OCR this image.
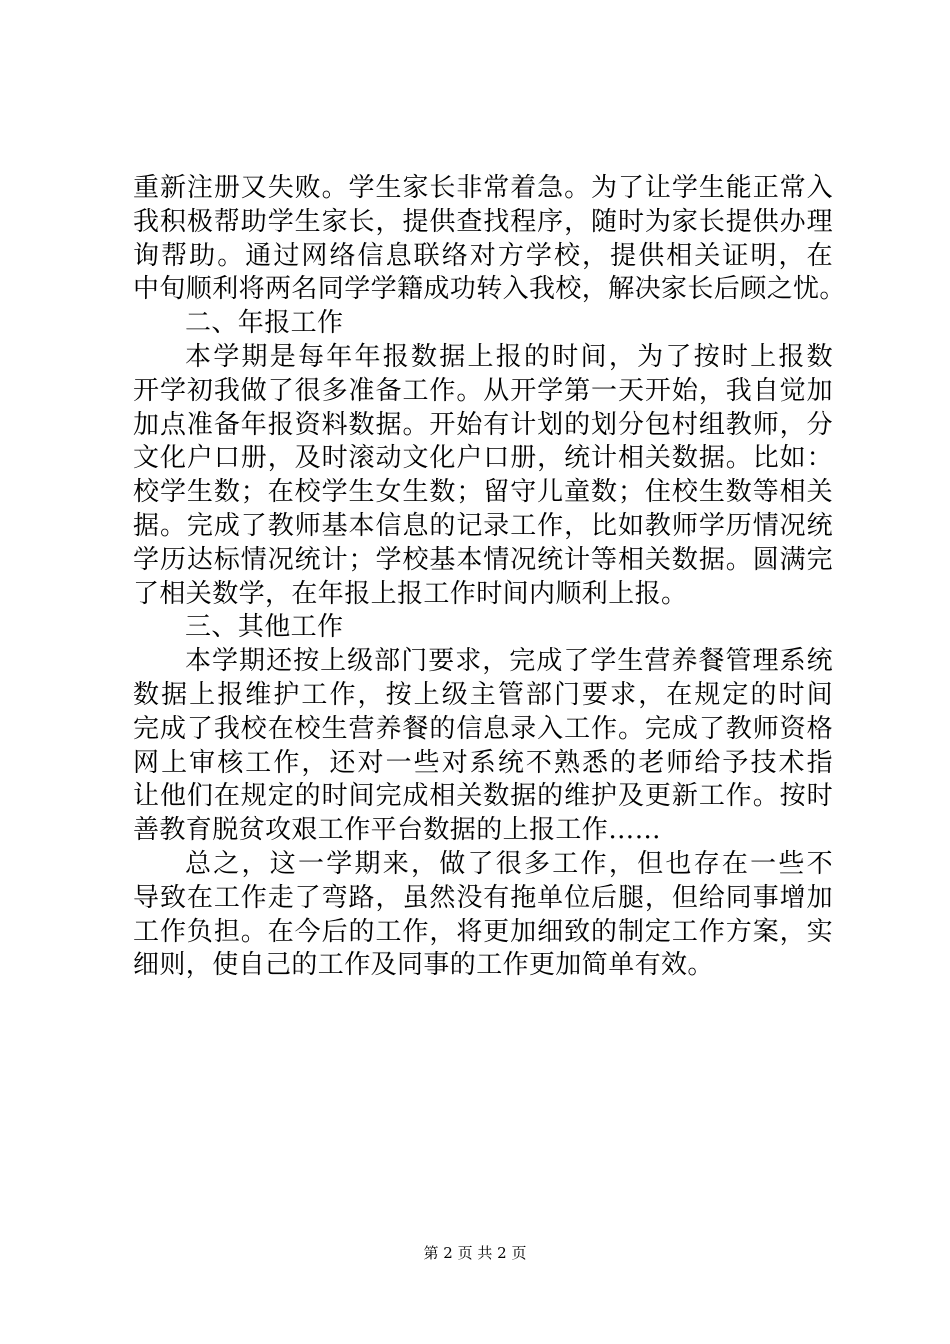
重新注册又失败。学生家长非常着急。为了让学生能正常入
我积极帮助学生家长，提供查找程序，随时为家长提供办理
询帮助。通过网络信息联络对方学校，提供相关证明，在
中旬顺利将两名同学学籍成功转入我校，解决家长后顾之忧。
二、年报工作
本学期是每年年报数据上报的时间，为了按时上报数
开学初我做了很多准备工作。从开学第一天开始，我自觉加
加点准备年报资料数据。开始有计划的划分包村组教师，分
文化户口册，及时滚动文化户口册，统计相关数据。比如：
校学生数；在校学生女生数；留守儿童数；住校生数等相关
据。完成了教师基本信息的记录工作，比如教师学历情况统
学历达标情况统计；学校基本情况统计等相关数据。圆满完
了相关数学，在年报上报工作时间内顺利上报。
三、其他工作
本学期还按上级部门要求，完成了学生营养餐管理系统
数据上报维护工作，按上级主管部门要求，在规定的时间
完成了我校在校生营养餐的信息录入工作。完成了教师资格
网上审核工作，还对一些对系统不熟悉的老师给予技术指
让他们在规定的时间完成相关数据的维护及更新工作。按时
善教育脱贫攻艰工作平台数据的上报工作……
总之，这一学期来，做了很多工作，但也存在一些不
导致在工作走了弯路，虽然没有拖单位后腿，但给同事增加
工作负担。在今后的工作，将更加细致的制定工作方案，实
细则，使自己的工作及同事的工作更加简单有效。
第 2 页 共 2 页
